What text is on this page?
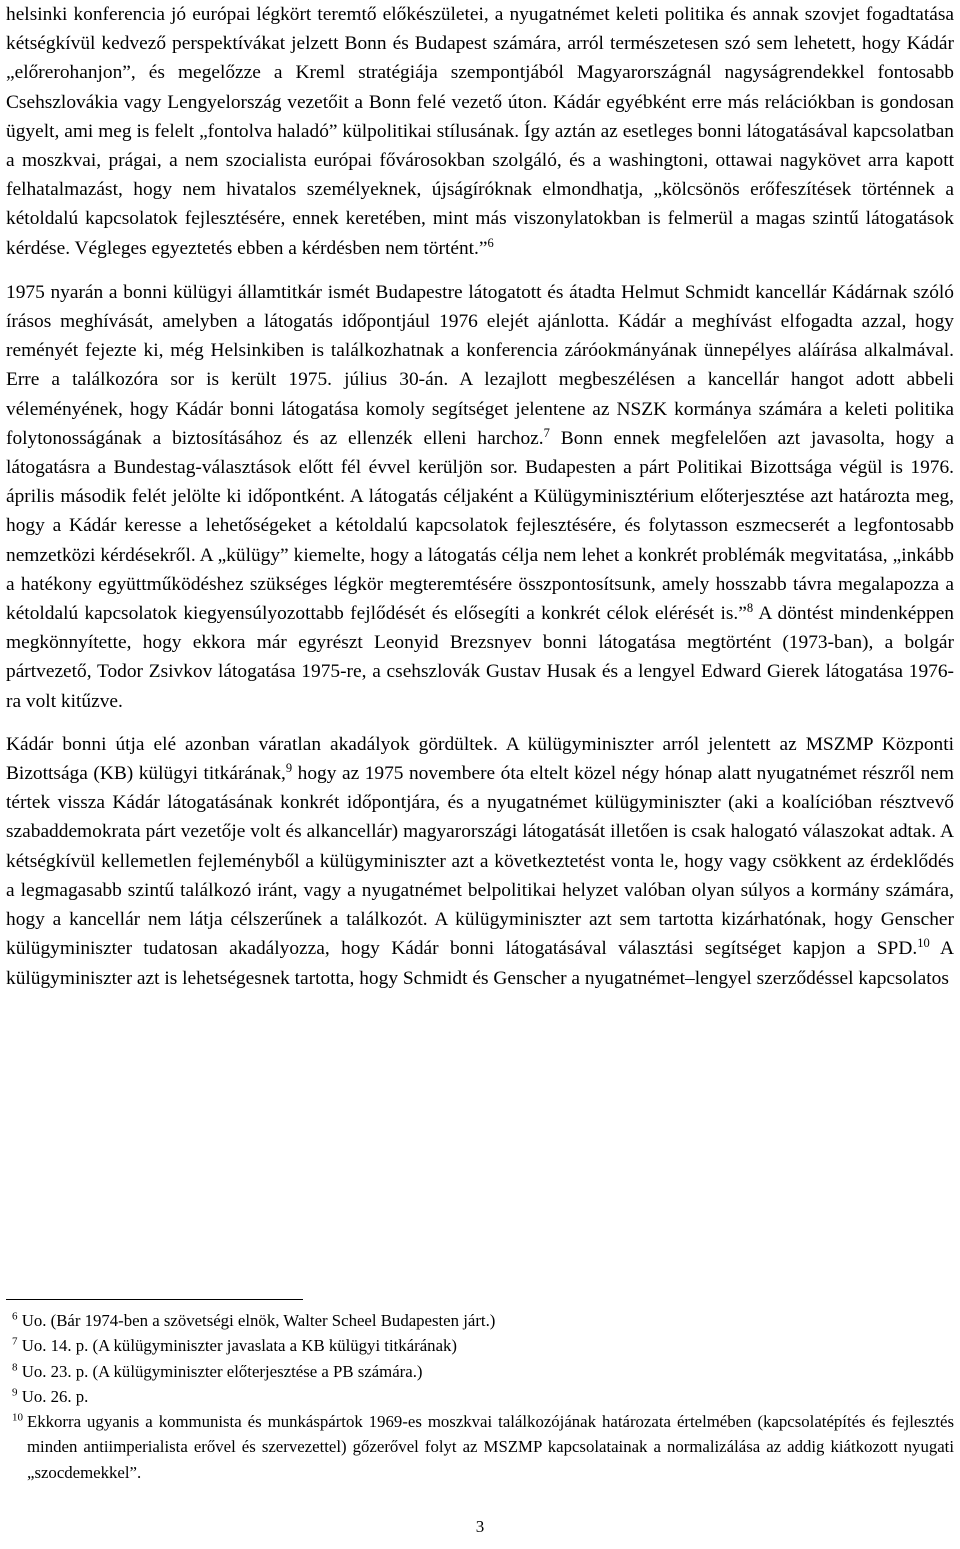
helsinki konferencia jó európai légkört teremtő előkészületei, a nyugatnémet keleti politika és annak szovjet fogadtatása kétségkívül kedvező perspektívákat jelzett Bonn és Budapest számára, arról természetesen szó sem lehetett, hogy Kádár „előrerohanjon”, és megelőzze a Kreml stratégiája szempontjából Magyarországnál nagyságrendekkel fontosabb Csehszlovákia vagy Lengyelország vezetőit a Bonn felé vezető úton. Kádár egyébként erre más relációkban is gondosan ügyelt, ami meg is felelt „fontolva haladó” külpolitikai stílusának. Így aztán az esetleges bonni látogatásával kapcsolatban a moszkvai, prágai, a nem szocialista európai fővárosokban szolgáló, és a washingtoni, ottawai nagykövet arra kapott felhatalmazást, hogy nem hivatalos személyeknek, újságíróknak elmondhatja, „kölcsönös erőfeszítések történnek a kétoldalú kapcsolatok fejlesztésére, ennek keretében, mint más viszonylatokban is felmerül a magas szintű látogatások kérdése. Végleges egyeztetés ebben a kérdésben nem történt.”$^6$

1975 nyarán a bonni külügyi államtitkár ismét Budapestre látogatott és átadta Helmut Schmidt kancellár Kádárnak szóló írásos meghívását, amelyben a látogatás időpontjául 1976 elejét ajánlotta. Kádár a meghívást elfogadta azzal, hogy reményét fejezte ki, még Helsinkiben is találkozhatnak a konferencia záróokmányának ünnepélyes aláírása alkalmával. Erre a találkozóra sor is került 1975. július 30-án. A lezajlott megbeszélésen a kancellár hangot adott abbeli véleményének, hogy Kádár bonni látogatása komoly segítséget jelentene az NSZK kormánya számára a keleti politika folytonosságának a biztosításához és az ellenzék elleni harchoz.$^7$ Bonn ennek megfelelően azt javasolta, hogy a látogatásra a Bundestag-választások előtt fél évvel kerüljön sor. Budapesten a párt Politikai Bizottsága végül is 1976. április második felét jelölte ki időpontként. A látogatás céljaként a Külügyminisztérium előterjesztése azt határozta meg, hogy a Kádár keresse a lehetőségeket a kétoldalú kapcsolatok fejlesztésére, és folytasson eszmecserét a legfontosabb nemzetközi kérdésekről. A „külügy” kiemelte, hogy a látogatás célja nem lehet a konkrét problémák megvitatása, „inkább a hatékony együttműködéshez szükséges légkör megteremtésére összpontosítsunk, amely hosszabb távra megalapozza a kétoldalú kapcsolatok kiegyensúlyozottabb fejlődését és elősegíti a konkrét célok elérését is.”$^8$ A döntést mindenképpen megkönnyítette, hogy ekkora már egyrészt Leonyid Brezsnyev bonni látogatása megtörtént (1973-ban), a bolgár pártvezető, Todor Zsivkov látogatása 1975-re, a csehszlovák Gustav Husak és a lengyel Edward Gierek látogatása 1976-ra volt kitűzve.

Kádár bonni útja elé azonban váratlan akadályok gördültek. A külügyminiszter arról jelentett az MSZMP Központi Bizottsága (KB) külügyi titkárának,$^9$ hogy az 1975 novembere óta eltelt közel négy hónap alatt nyugatnémet részről nem tértek vissza Kádár látogatásának konkrét időpontjára, és a nyugatnémet külügyminiszter (aki a koalícióban résztvevő szabaddemokrata párt vezetője volt és alkancellár) magyarországi látogatását illetően is csak halogató válaszokat adtak. A kétségkívül kellemetlen fejleményből a külügyminiszter azt a következtetést vonta le, hogy vagy csökkent az érdeklődés a legmagasabb szintű találkozó iránt, vagy a nyugatnémet belpolitikai helyzet valóban olyan súlyos a kormány számára, hogy a kancellár nem látja célszerűnek a találkozót. A külügyminiszter azt sem tartotta kizárhatónak, hogy Genscher külügyminiszter tudatosan akadályozza, hogy Kádár bonni látogatásával választási segítséget kapjon a SPD.$^{10}$ A külügyminiszter azt is lehetségesnek tartotta, hogy Schmidt és Genscher a nyugatnémet–lengyel szerződéssel kapcsolatos

$^6$ Uo. (Bár 1974-ben a szövetségi elnök, Walter Scheel Budapesten járt.)
$^7$ Uo. 14. p. (A külügyminiszter javaslata a KB külügyi titkárának)
$^8$ Uo. 23. p. (A külügyminiszter előterjesztése a PB számára.)
$^9$ Uo. 26. p.
$^{10}$ Ekkorra ugyanis a kommunista és munkáspártok 1969-es moszkvai találkozójának határozata értelmében (kapcsolatépítés és fejlesztés minden antiimperialista erővel és szervezettel) gőzerővel folyt az MSZMP kapcsolatainak a normalizálása az addig kiátkozott nyugati „szocdemekkel”.
3
